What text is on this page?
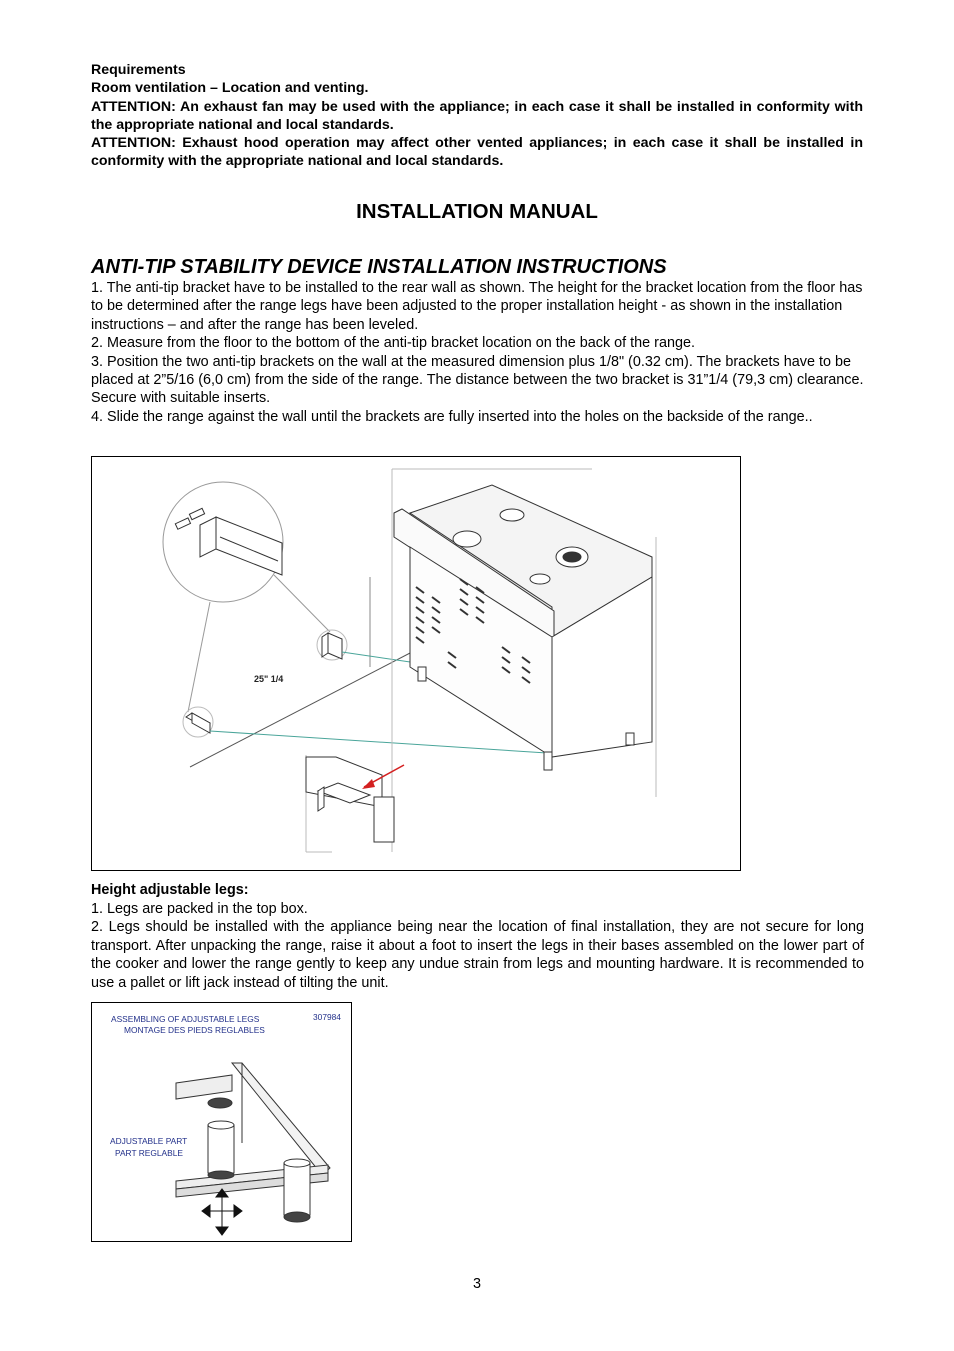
Requirements

Room ventilation – Location and venting.

ATTENTION: An exhaust fan may be used with the appliance; in each case it shall be installed in conformity with the appropriate national and local standards.

ATTENTION: Exhaust hood operation may affect other vented appliances; in each case it shall be installed in conformity with the appropriate national and local standards.

INSTALLATION MANUAL
ANTI-TIP STABILITY DEVICE INSTALLATION INSTRUCTIONS

1. The anti-tip bracket have to be installed to the rear wall as shown. The height for the bracket location from the floor has to be determined after the range legs have been adjusted to the proper installation height - as shown in the installation instructions – and after the range has been leveled.

2. Measure from the floor to the bottom of the anti-tip bracket location on the back of the range.

3. Position the two anti-tip brackets on the wall at the measured dimension plus 1/8" (0.32 cm). The brackets have to be placed at 2”5/16 (6,0 cm) from the side of the range. The distance between the two bracket is 31”1/4 (79,3 cm) clearance. Secure with suitable inserts.

4. Slide the range against the wall until the brackets are fully inserted into the holes on the backside of the range..

25" 1/4
Height adjustable legs:

1. Legs are packed in the top box.

2. Legs should be installed with the appliance being near the location of final installation, they are not secure for long transport. After unpacking the range, raise it about a foot to insert the legs in their bases assembled on the lower part of the cooker and lower the range gently to keep any undue strain from legs and mounting hardware. It is recommended to use a pallet or lift jack instead of tilting the unit.

ASSEMBLING OF ADJUSTABLE LEGS
MONTAGE DES PIEDS REGLABLES
307984
ADJUSTABLE PART
PART REGLABLE
3
